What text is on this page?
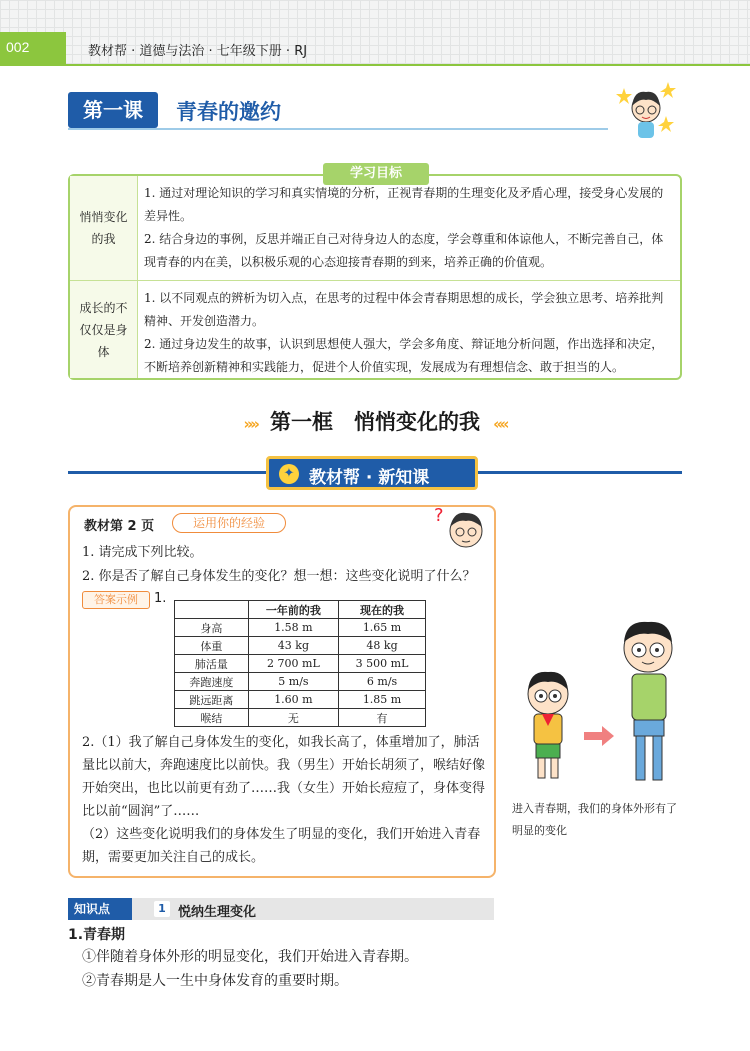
002	教材帮 · 道德与法治 · 七年级下册 · RJ
第一课	青春的邀约
悄悄变化的我
1. 通过对理论知识的学习和真实情境的分析，正视青春期的生理变化及矛盾心理，接受身心发展的差异性。
2. 结合身边的事例，反思并端正自己对待身边人的态度，学会尊重和体谅他人，不断完善自己，体现青春的内在美，以积极乐观的心态迎接青春期的到来，培养正确的价值观。
成长的不仅仅是身体
1. 以不同观点的辨析为切入点，在思考的过程中体会青春期思想的成长，学会独立思考、培养批判精神、开发创造潜力。
2. 通过身边发生的故事，认识到思想使人强大，学会多角度、辩证地分析问题，作出选择和决定，不断培养创新精神和实践能力，促进个人价值实现，发展成为有理想信念、敢于担当的人。
学习目标
»» 第一框　悄悄变化的我 ««
✦ 教材帮 · 新知课
教材第 2 页	运用你的经验	?
1. 请完成下列比较。
2. 你是否了解自己身体发生的变化？想一想：这些变化说明了什么？
答案示例	1.
	一年前的我	现在的我
身高	1.58 m	1.65 m
体重	43 kg	48 kg
肺活量	2 700 mL	3 500 mL
奔跑速度	5 m/s	6 m/s
跳远距离	1.60 m	1.85 m
喉结	无	有
2.（1）我了解自己身体发生的变化，如我长高了，体重增加了，肺活量比以前大，奔跑速度比以前快。我（男生）开始长胡须了，喉结好像开始突出，也比以前更有劲了……我（女生）开始长痘痘了，身体变得比以前“圆润”了……
（2）这些变化说明我们的身体发生了明显的变化，我们开始进入青春期，需要更加关注自己的成长。
进入青春期，我们的身体外形有了明显的变化
知识点	1 悦纳生理变化
1.青春期
①伴随着身体外形的明显变化，我们开始进入青春期。
②青春期是人一生中身体发育的重要时期。
